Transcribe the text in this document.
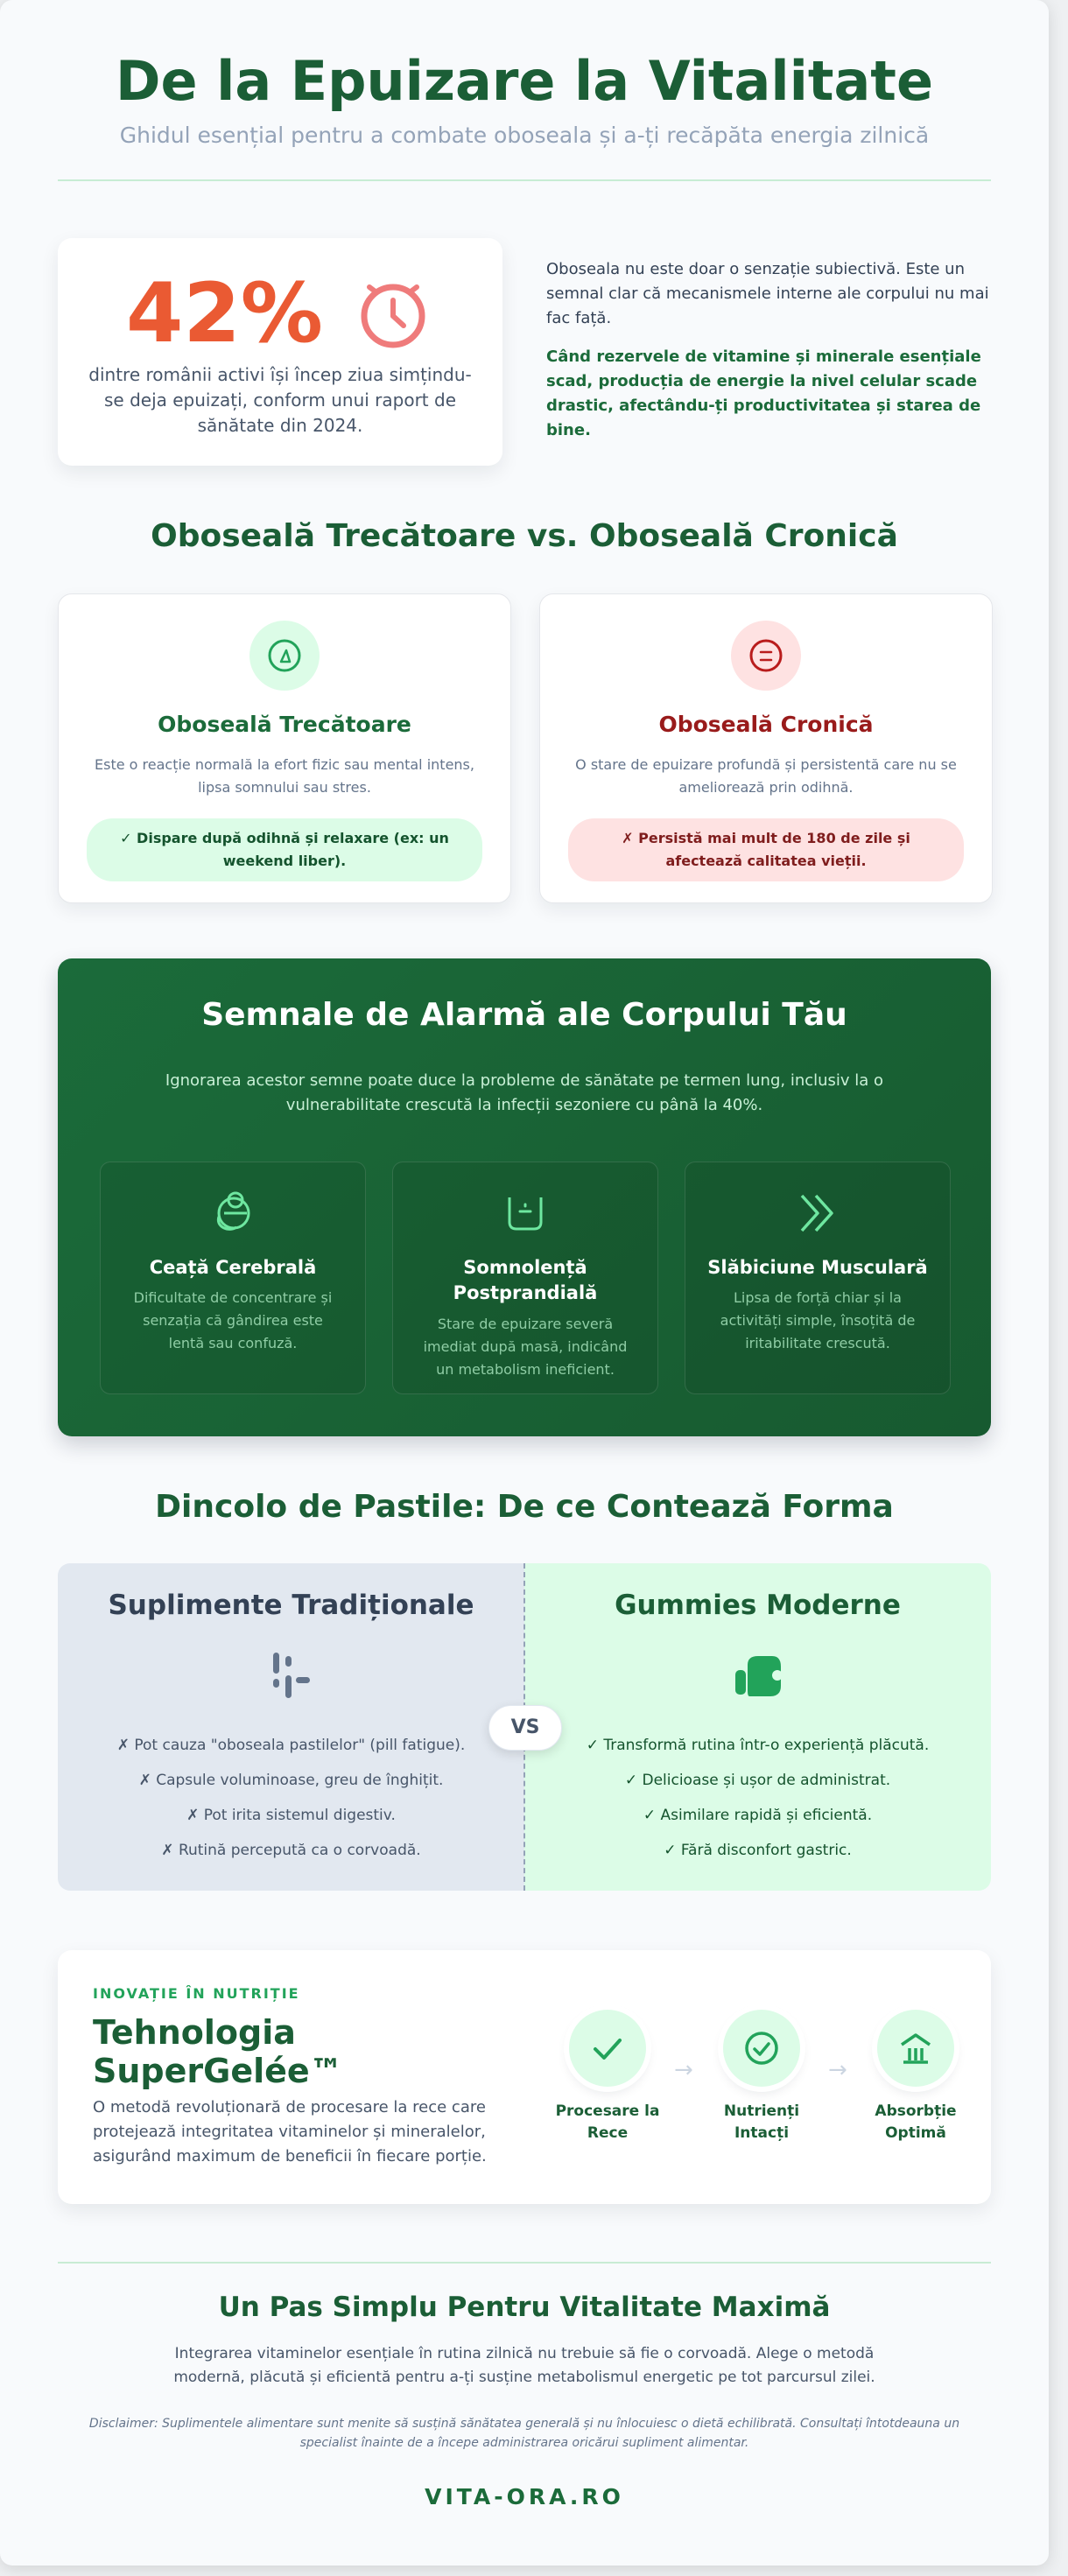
De la Epuizare la Vitalitate
Ghidul esențial pentru a combate oboseala și a-ți recăpăta energia zilnică
42%
dintre românii activi își încep ziua simțindu-se deja epuizați, conform unui raport de sănătate din 2024.
Oboseala nu este doar o senzație subiectivă. Este un semnal clar că mecanismele interne ale corpului nu mai fac față.
Când rezervele de vitamine și minerale esențiale scad, producția de energie la nivel celular scade drastic, afectându-ți productivitatea și starea de bine.
Oboseală Trecătoare vs. Oboseală Cronică
Oboseală Trecătoare

Este o reacție normală la efort fizic sau mental intens, lipsa somnului sau stres.

✓ Dispare după odihnă și relaxare (ex: un weekend liber).
Oboseală Cronică

O stare de epuizare profundă și persistentă care nu se ameliorează prin odihnă.

✗ Persistă mai mult de 180 de zile și afectează calitatea vieții.
Semnale de Alarmă ale Corpului Tău
Ignorarea acestor semne poate duce la probleme de sănătate pe termen lung, inclusiv la o vulnerabilitate crescută la infecții sezoniere cu până la 40%.
Ceață Cerebrală

Dificultate de concentrare și senzația că gândirea este lentă sau confuză.

Somnolență Postprandială

Stare de epuizare severă imediat după masă, indicând un metabolism ineficient.

Slăbiciune Musculară

Lipsa de forță chiar și la activități simple, însoțită de iritabilitate crescută.

Dincolo de Pastile: De ce Contează Forma
Suplimente Tradiționale
✗ Pot cauza "oboseala pastilelor" (pill fatigue).
✗ Capsule voluminoase, greu de înghițit.
✗ Pot irita sistemul digestiv.
✗ Rutină percepută ca o corvoadă.
Gummies Moderne
✓ Transformă rutina într-o experiență plăcută.
✓ Delicioase și ușor de administrat.
✓ Asimilare rapidă și eficientă.
✓ Fără disconfort gastric.
VS
INOVAȚIE ÎN NUTRIȚIE
Tehnologia
SuperGelée™
O metodă revoluționară de procesare la rece care protejează integritatea vitaminelor și mineralelor, asigurând maximum de beneficii în fiecare porție.
Procesare la
Rece
→
Nutrienți
Intacți
→
Absorbție
Optimă
Un Pas Simplu Pentru Vitalitate Maximă
Integrarea vitaminelor esențiale în rutina zilnică nu trebuie să fie o corvoadă. Alege o metodă modernă, plăcută și eficientă pentru a-ți susține metabolismul energetic pe tot parcursul zilei.
Disclaimer: Suplimentele alimentare sunt menite să susțină sănătatea generală și nu înlocuiesc o dietă echilibrată. Consultați întotdeauna un specialist înainte de a începe administrarea oricărui supliment alimentar.
VITA-ORA.RO
